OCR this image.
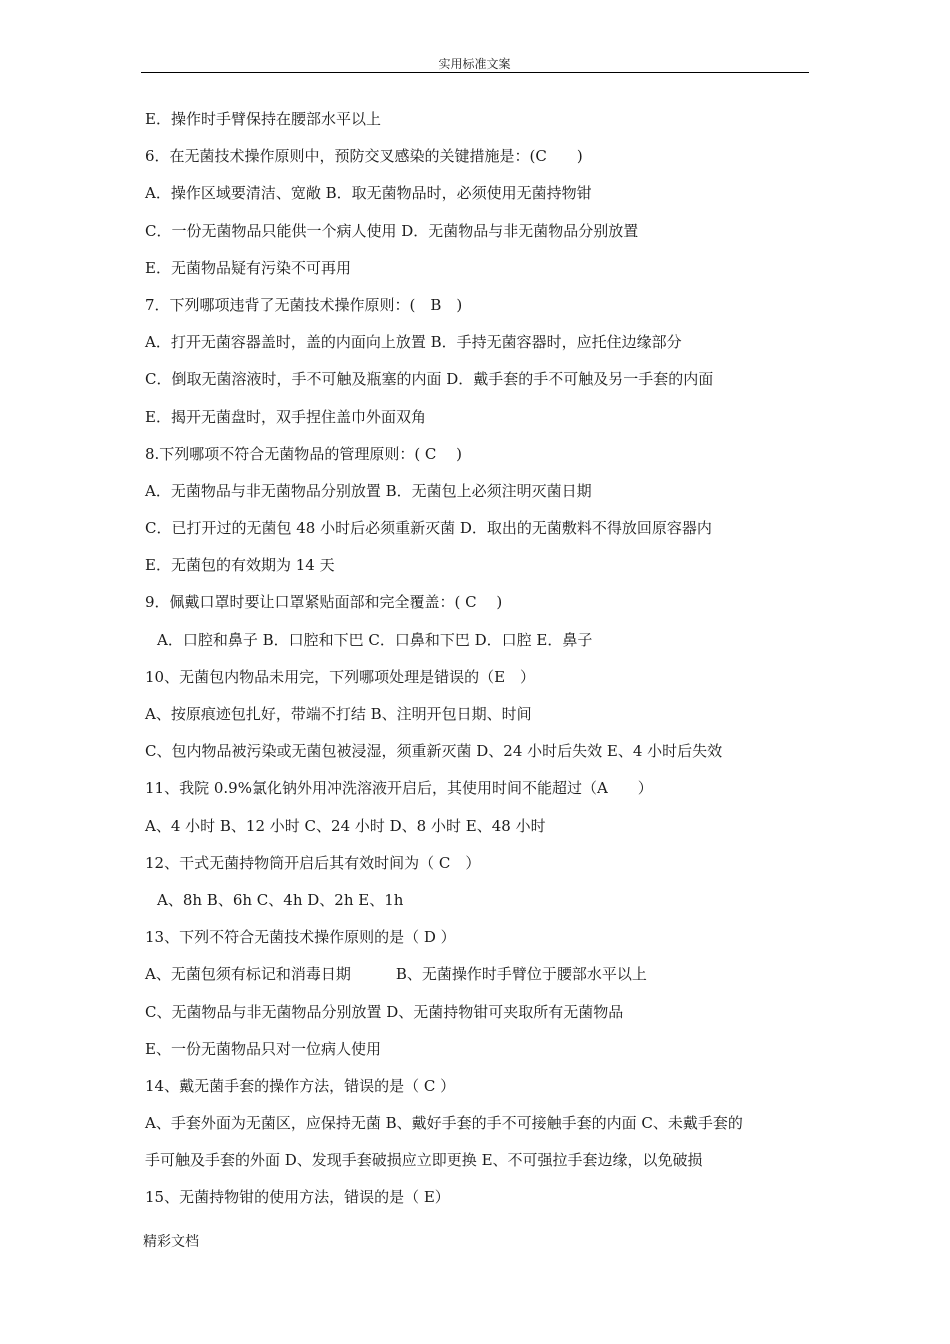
实用标准文案
E．操作时手臂保持在腰部水平以上
6．在无菌技术操作原则中，预防交叉感染的关键措施是：(C　　)
A．操作区域要清洁、宽敞 B．取无菌物品时，必须使用无菌持物钳
C．一份无菌物品只能供一个病人使用 D．无菌物品与非无菌物品分别放置
E．无菌物品疑有污染不可再用
7．下列哪项违背了无菌技术操作原则：(　B　)
A．打开无菌容器盖时，盖的内面向上放置 B．手持无菌容器时，应托住边缘部分
C．倒取无菌溶液时，手不可触及瓶塞的内面 D．戴手套的手不可触及另一手套的内面
E．揭开无菌盘时，双手捏住盖巾外面双角
8.下列哪项不符合无菌物品的管理原则：( C　 )
A．无菌物品与非无菌物品分别放置 B．无菌包上必须注明灭菌日期
C．已打开过的无菌包 48 小时后必须重新灭菌 D．取出的无菌敷料不得放回原容器内
E．无菌包的有效期为 14 天
9．佩戴口罩时要让口罩紧贴面部和完全覆盖：( C　 )
A．口腔和鼻子 B．口腔和下巴 C．口鼻和下巴 D．口腔 E．鼻子
10、无菌包内物品未用完，下列哪项处理是错误的（E　）
A、按原痕迹包扎好，带端不打结 B、注明开包日期、时间
C、包内物品被污染或无菌包被浸湿，须重新灭菌 D、24 小时后失效 E、4 小时后失效
11、我院 0.9%氯化钠外用冲洗溶液开启后，其使用时间不能超过（A　　）
A、4 小时 B、12 小时 C、24 小时 D、8 小时 E、48 小时
12、干式无菌持物筒开启后其有效时间为（ C　）
A、8h B、6h C、4h D、2h E、1h
13、下列不符合无菌技术操作原则的是（ D ）
A、无菌包须有标记和消毒日期　　　B、无菌操作时手臂位于腰部水平以上
C、无菌物品与非无菌物品分别放置 D、无菌持物钳可夹取所有无菌物品
E、一份无菌物品只对一位病人使用
14、戴无菌手套的操作方法，错误的是（ C ）
A、手套外面为无菌区，应保持无菌 B、戴好手套的手不可接触手套的内面 C、未戴手套的
手可触及手套的外面 D、发现手套破损应立即更换 E、不可强拉手套边缘，以免破损
15、无菌持物钳的使用方法，错误的是（ E）
精彩文档
